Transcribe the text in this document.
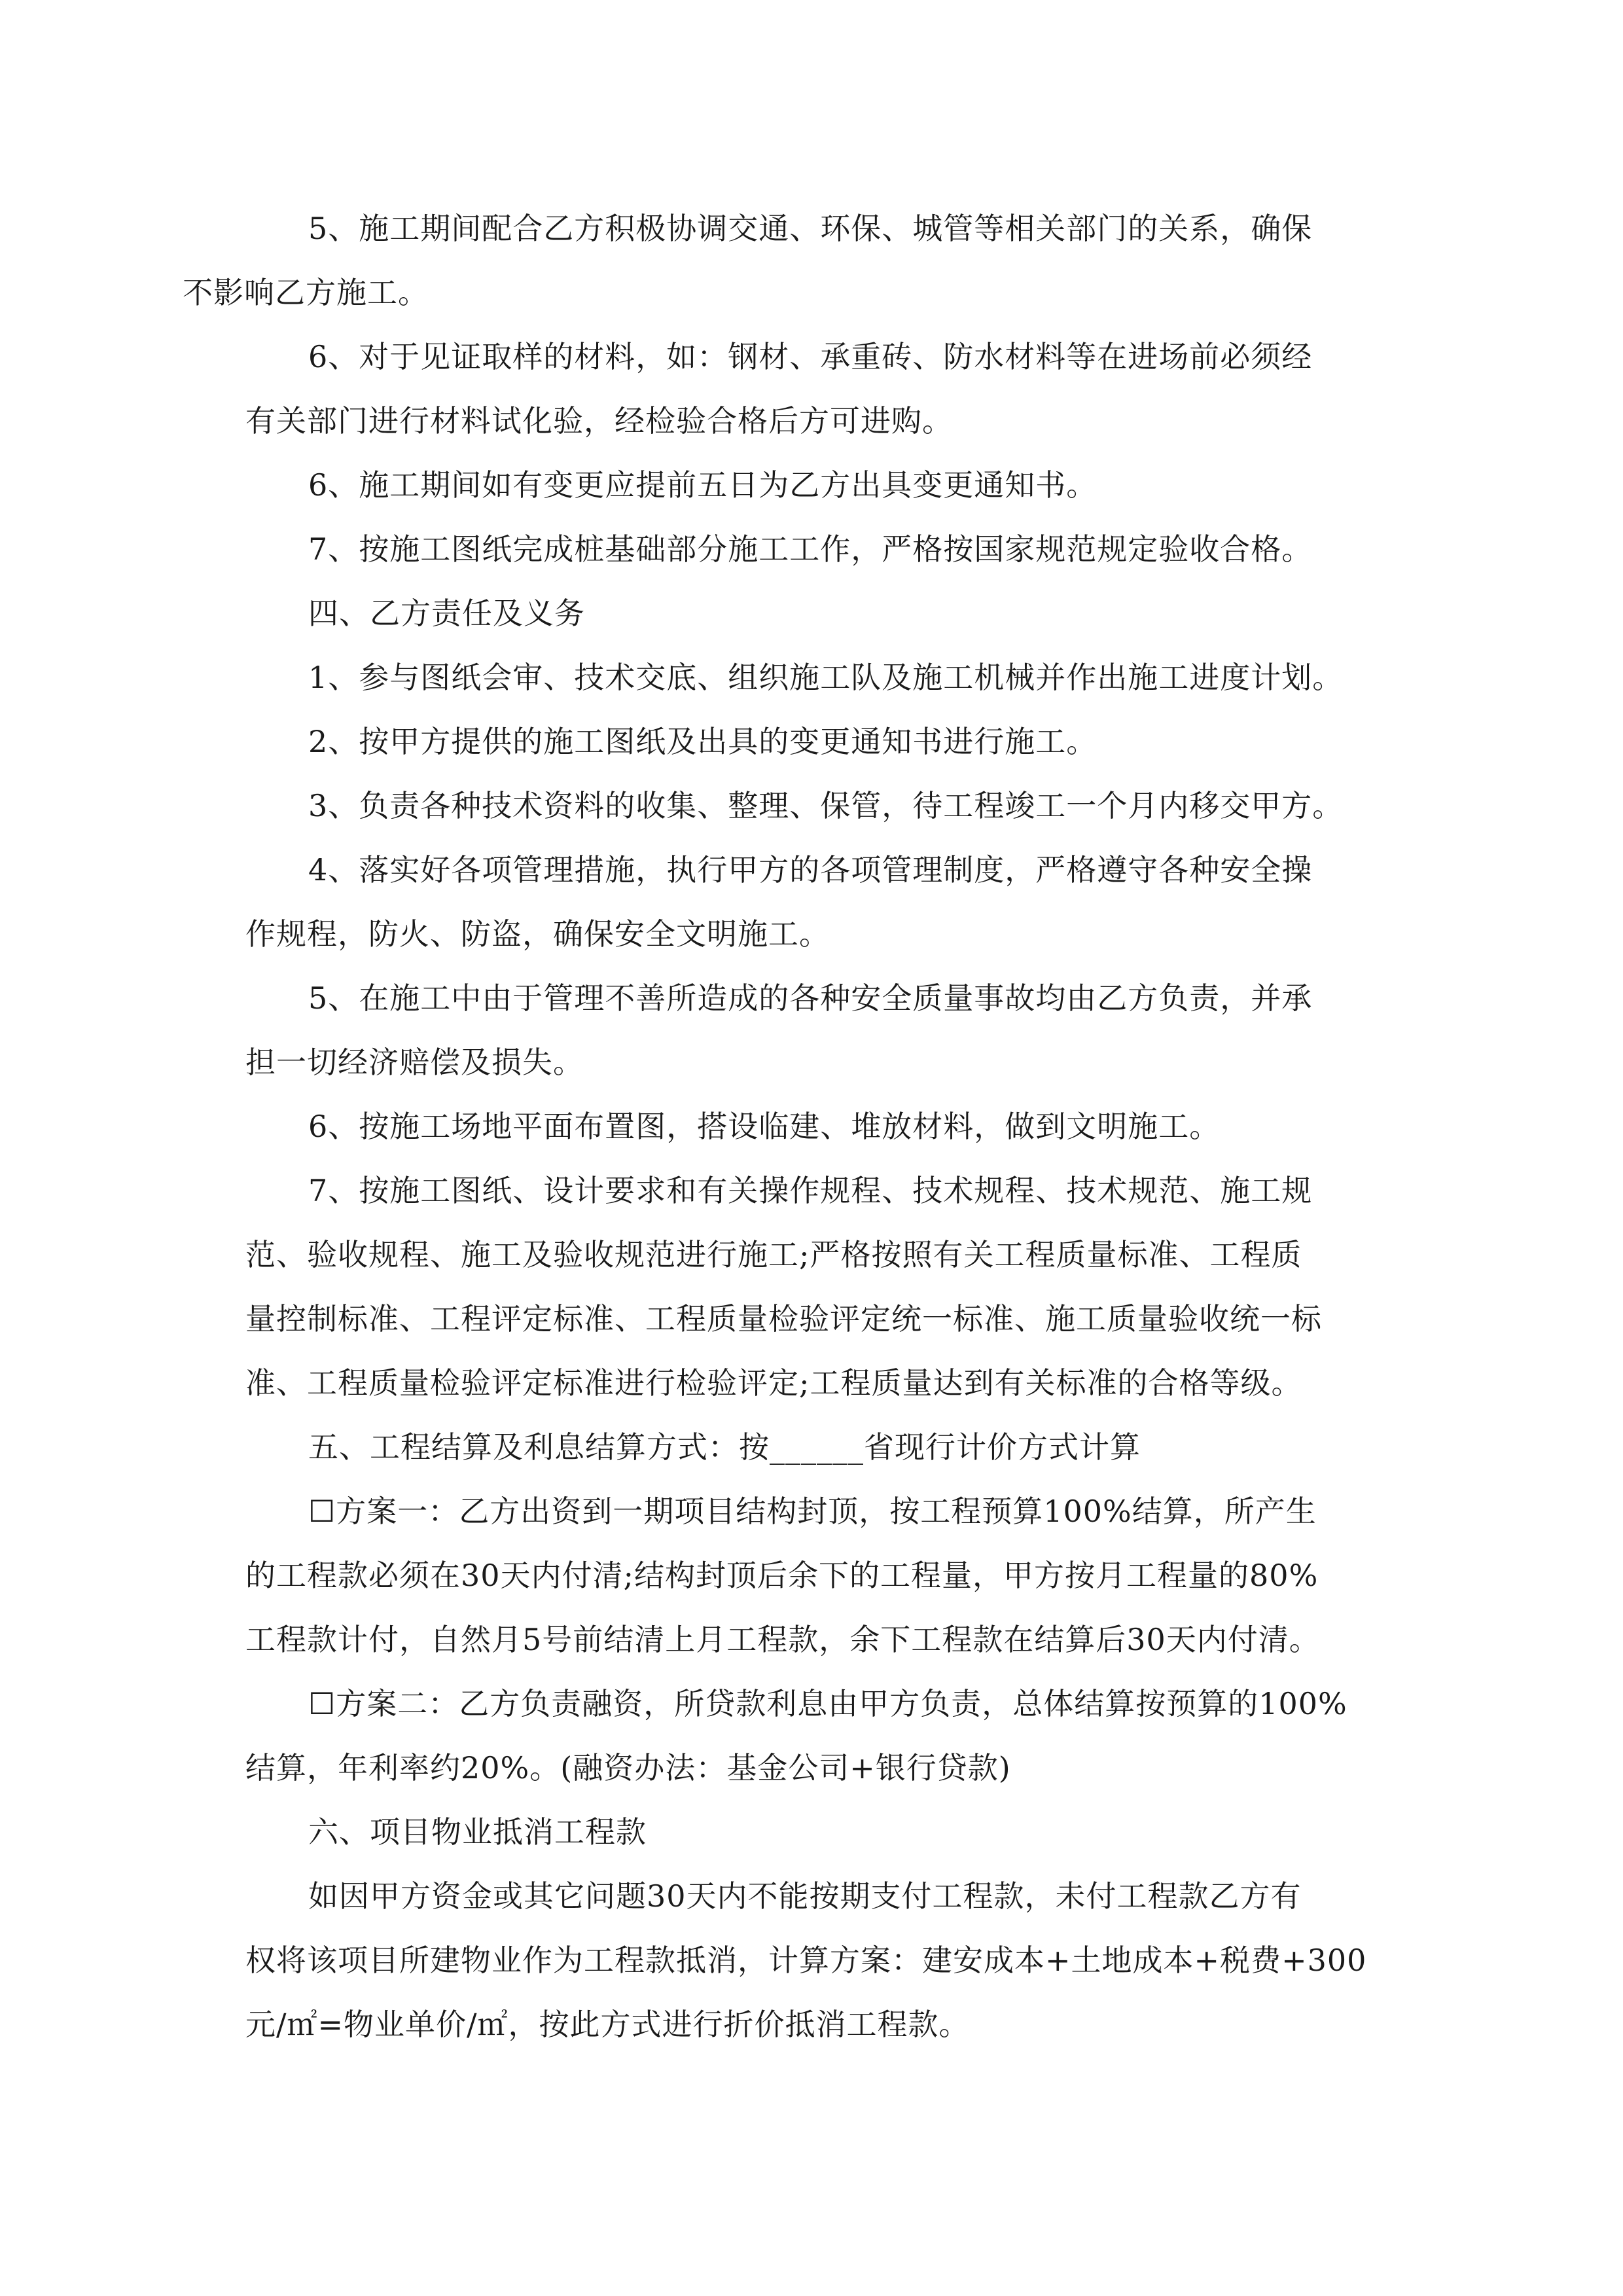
5、施工期间配合乙方积极协调交通、环保、城管等相关部门的关系，确保
不影响乙方施工。

6、对于见证取样的材料，如：钢材、承重砖、防水材料等在进场前必须经
有关部门进行材料试化验，经检验合格后方可进购。

6、施工期间如有变更应提前五日为乙方出具变更通知书。

7、按施工图纸完成桩基础部分施工工作，严格按国家规范规定验收合格。

四、乙方责任及义务

1、参与图纸会审、技术交底、组织施工队及施工机械并作出施工进度计划。

2、按甲方提供的施工图纸及出具的变更通知书进行施工。

3、负责各种技术资料的收集、整理、保管，待工程竣工一个月内移交甲方。

4、落实好各项管理措施，执行甲方的各项管理制度，严格遵守各种安全操
作规程，防火、防盗，确保安全文明施工。

5、在施工中由于管理不善所造成的各种安全质量事故均由乙方负责，并承
担一切经济赔偿及损失。

6、按施工场地平面布置图，搭设临建、堆放材料，做到文明施工。

7、按施工图纸、设计要求和有关操作规程、技术规程、技术规范、施工规
范、验收规程、施工及验收规范进行施工;严格按照有关工程质量标准、工程质
量控制标准、工程评定标准、工程质量检验评定统一标准、施工质量验收统一标
准、工程质量检验评定标准进行检验评定;工程质量达到有关标准的合格等级。

五、工程结算及利息结算方式：按______省现行计价方式计算

☐方案一：乙方出资到一期项目结构封顶，按工程预算100%结算，所产生
的工程款必须在30天内付清;结构封顶后余下的工程量，甲方按月工程量的80%
工程款计付，自然月5号前结清上月工程款，余下工程款在结算后30天内付清。

☐方案二：乙方负责融资，所贷款利息由甲方负责，总体结算按预算的100%
结算，年利率约20%。(融资办法：基金公司+银行贷款)

六、项目物业抵消工程款

如因甲方资金或其它问题30天内不能按期支付工程款，未付工程款乙方有
权将该项目所建物业作为工程款抵消，计算方案：建安成本+土地成本+税费+300
元/㎡=物业单价/㎡，按此方式进行折价抵消工程款。
